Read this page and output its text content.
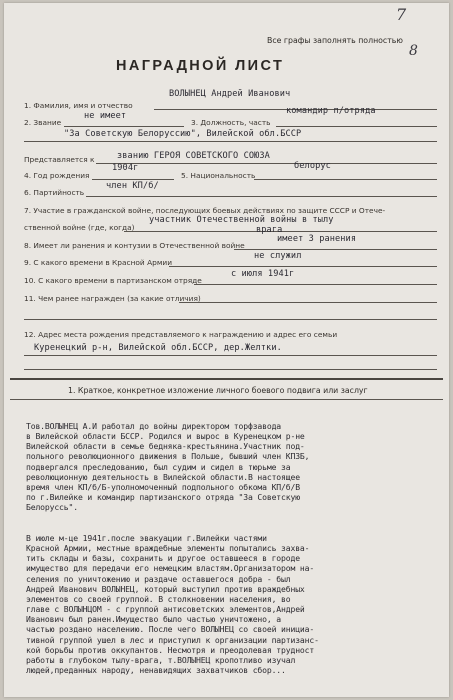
7
8
Все графы заполнять полностью
НАГРАДНОЙ ЛИСТ
1. Фамилия, имя и отчество
ВОЛЫНЕЦ Андрей Иванович
2. Звание
не имеет
3. Должность, часть
командир п/отряда
"За Советскую Белоруссию", Вилейской обл.БССР
Представляется к	званию ГЕРОЯ СОВЕТСКОГО СОЮЗА
4. Год рождения
1904г
5. Национальность
белорус
6. Партийность
член КП/б/
7. Участие в гражданской войне, последующих боевых действиях по защите СССР и Отече-
ственной войне (где, когда)
участник Отечественной войны в тылу
врага
8. Имеет ли ранения и контузии в Отечественной войне
имеет 3 ранения
9. С какого времени в Красной Армии
не служил
10. С какого времени в партизанском отряде
с июля 1941г
11. Чем ранее награжден (за какие отличия)
12. Адрес места рождения представляемого к награждению и адрес его семьи
Куренецкий р-н, Вилейской обл.БССР, дер.Желтки.
1. Краткое, конкретное изложение личного боевого подвига или заслуг
Тов.ВОЛЫНЕЦ А.И работал до войны директором торфзавода
в Вилейской области БССР. Родился и вырос в Куренецком р-не
Вилейской области в семье бедняка-крестьянина.Участник под-
польного революционного движения в Польше, бывший член КПЗБ,
подвергался преследованию, был судим и сидел в тюрьме за
революционную деятельность в Вилейской области.В настоящее
время член КП/б/Б-уполномоченный подпольного обкома КП/б/В
по г.Вилейке и командир партизанского отряда "За Советскую
Белоруссь".
В июле м-це 1941г.после эвакуации г.Вилейки частями
Красной Армии, местные враждебные элементы попытались захва-
тить склады и базы, сохранить и другое оставшееся в городе
имущество для передачи его немецким властям.Организатором на-
селения по уничтожению и раздаче оставшегося добра - был
Андрей Иванович ВОЛЫНЕЦ, который выступил против враждебных
элементов со своей группой. В столкновении населения, во
главе с ВОЛЫНЦОМ - с группой антисоветских элементов,Андрей
Иванович был ранен.Имущество было частью уничтожено, а
частью роздано населению. После чего ВОЛЫНЕЦ со своей инициа-
тивной группой ушел в лес и приступил к организации партизанс-
кой борьбы против оккупантов. Несмотря и преодолевая трудност
работы в глубоком тылу-врага, т.ВОЛЫНЕЦ кропотливо изучал
людей,преданных народу, ненавидящих захватчиков сбор...
